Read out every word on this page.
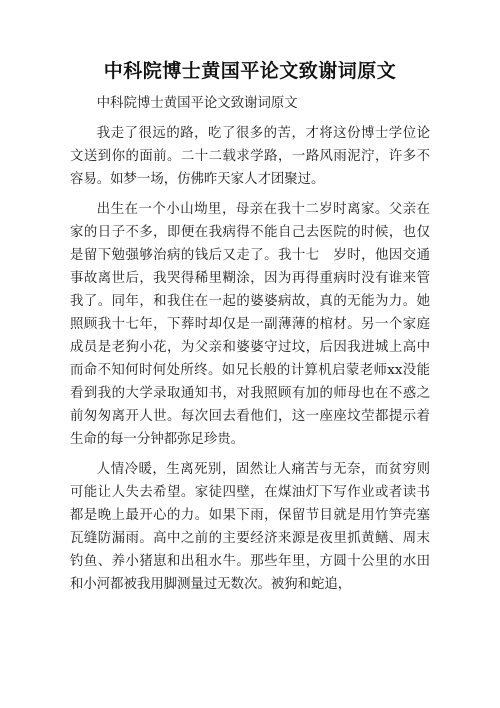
中科院博士黄国平论文致谢词原文

中科院博士黄国平论文致谢词原文

我走了很远的路，吃了很多的苦，才将这份博士学位论文送到你的面前。二十二载求学路，一路风雨泥泞，许多不容易。如梦一场，仿佛昨天家人才团聚过。

出生在一个小山坳里，母亲在我十二岁时离家。父亲在家的日子不多，即便在我病得不能自己去医院的时候，也仅是留下勉强够治病的钱后又走了。我十七　岁时，他因交通事故离世后，我哭得稀里糊涂，因为再得重病时没有谁来管我了。同年，和我住在一起的婆婆病故，真的无能为力。她照顾我十七年，下葬时却仅是一副薄薄的棺材。另一个家庭成员是老狗小花，为父亲和婆婆守过坟，后因我进城上高中而命不知何时何处所终。如兄长般的计算机启蒙老师xx没能看到我的大学录取通知书，对我照顾有加的师母也在不惑之前匆匆离开人世。每次回去看他们，这一座座坟茔都提示着生命的每一分钟都弥足珍贵。

人情冷暖，生离死别，固然让人痛苦与无奈，而贫穷则可能让人失去希望。家徒四壁，在煤油灯下写作业或者读书都是晚上最开心的力。如果下雨，保留节目就是用竹笋壳塞瓦缝防漏雨。高中之前的主要经济来源是夜里抓黄鳝、周末钓鱼、养小猪崽和出租水牛。那些年里，方圆十公里的水田和小河都被我用脚测量过无数次。被狗和蛇追，
